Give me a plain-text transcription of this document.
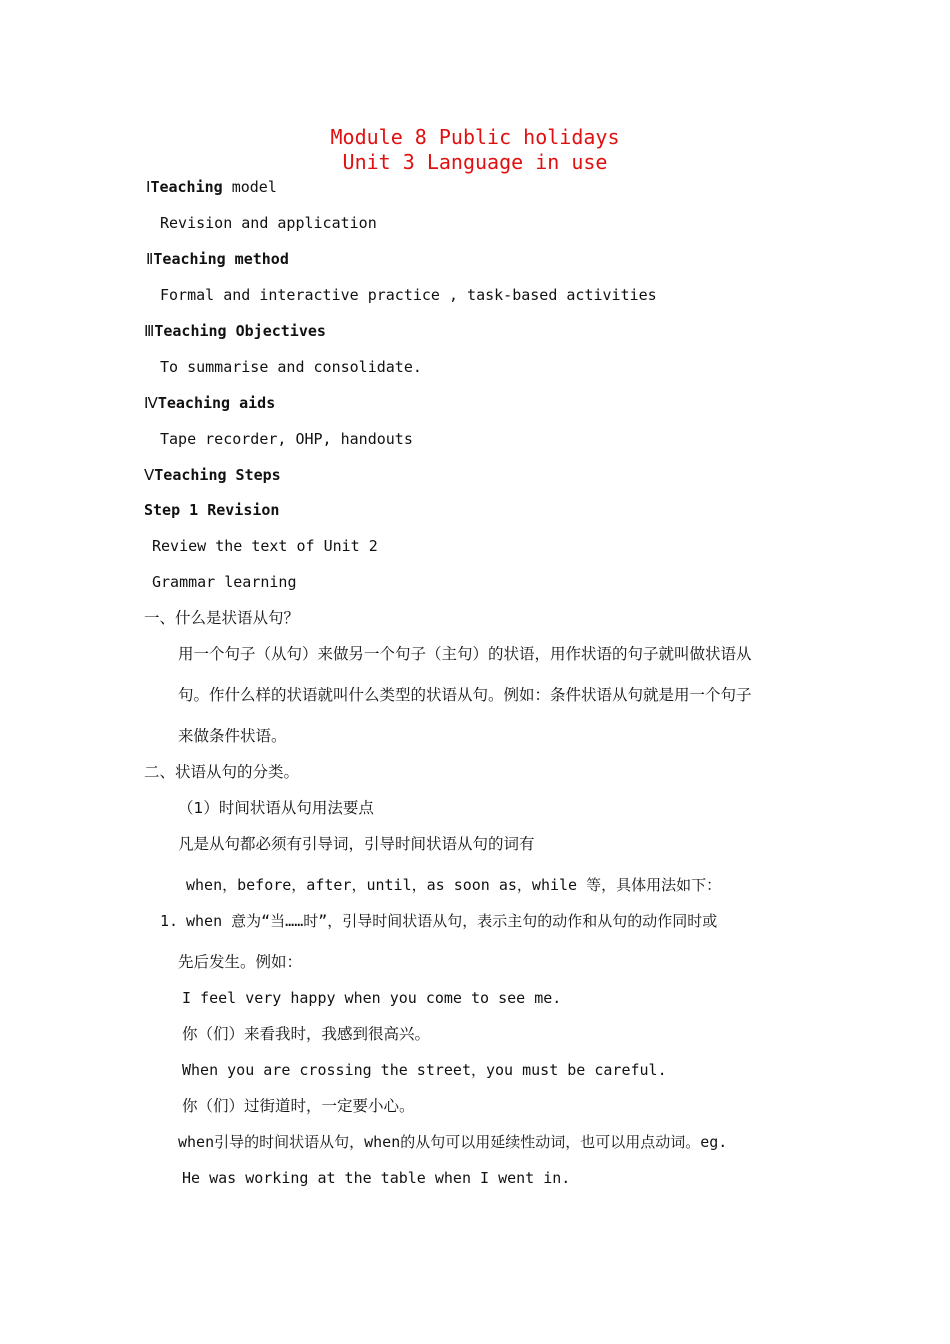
Module 8 Public holidays
Unit 3 Language in use
ⅠTeaching model
Revision and application
ⅡTeaching method
Formal and interactive practice , task-based activities
ⅢTeaching Objectives
To summarise and consolidate.
ⅣTeaching aids
Tape recorder, OHP, handouts
ⅤTeaching Steps
Step 1 Revision
Review the text of Unit 2
Grammar learning
一、什么是状语从句？
用一个句子（从句）来做另一个句子（主句）的状语，用作状语的句子就叫做状语从
句。作什么样的状语就叫什么类型的状语从句。例如：条件状语从句就是用一个句子
来做条件状语。
二、状语从句的分类。
（1）时间状语从句用法要点
凡是从句都必须有引导词，引导时间状语从句的词有
when，before，after，until，as soon as，while 等，具体用法如下：
1. when 意为“当……时”，引导时间状语从句，表示主句的动作和从句的动作同时或
先后发生。例如：
I feel very happy when you come to see me.
你（们）来看我时，我感到很高兴。
When you are crossing the street，you must be careful.
你（们）过街道时，一定要小心。
when引导的时间状语从句，when的从句可以用延续性动词，也可以用点动词。eg.
He was working at the table when I went in.
